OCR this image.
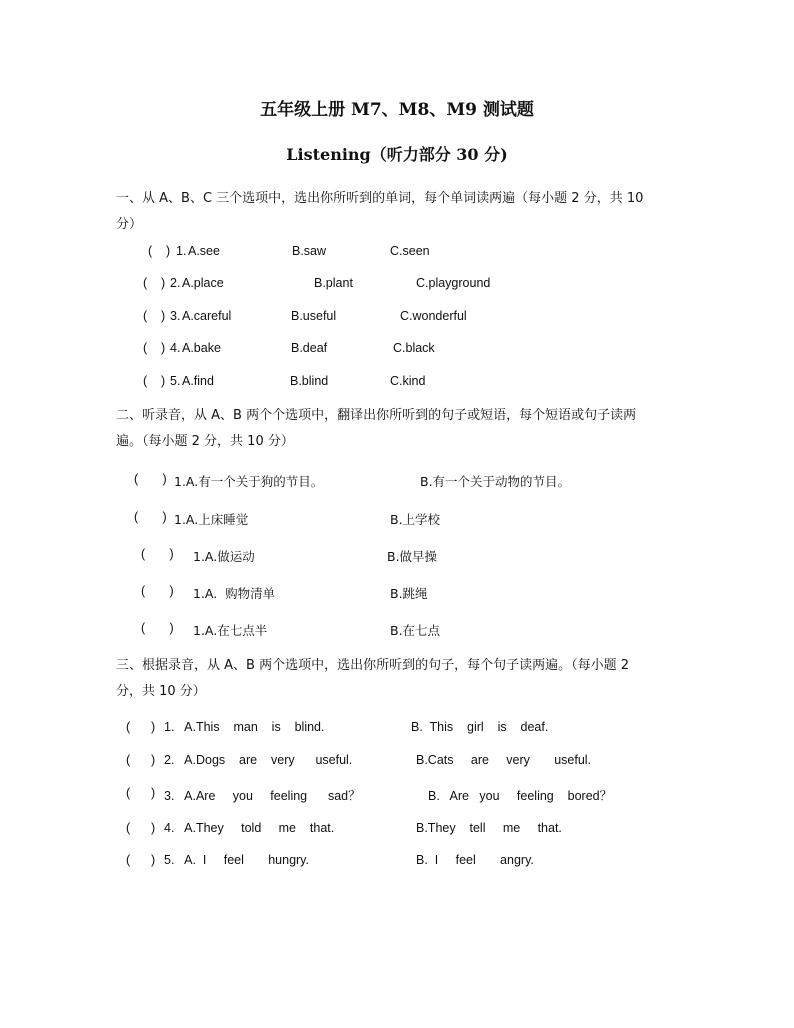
五年级上册 M7、M8、M9 测试题
Listening（听力部分 30 分)
一、从 A、B、C 三个选项中，选出你所听到的单词，每个单词读两遍（每小题 2 分，共 10
分）
(    ) 1. A.see	B.saw	C.seen
(    ) 2. A.place	B.plant	C.playground
(    ) 3. A.careful	B.useful	C.wonderful
(    ) 4. A.bake	B.deaf	C.black
(    ) 5. A.find	B.blind	C.kind
二、听录音，从 A、B 两个个选项中，翻译出你所听到的句子或短语，每个短语或句子读两
遍。（每小题 2 分，共 10 分）
(       ) 1.A.有一个关于狗的节目。	B.有一个关于动物的节目。
(       ) 1.A.上床睡觉	B.上学校
(       ) 1.A.做运动	B.做早操
(       ) 1.A.  购物清单	B.跳绳
(       ) 1.A.在七点半	B.在七点
三、根据录音，从 A、B 两个选项中，选出你所听到的句子，每个句子读两遍。（每小题 2
分，共 10 分）
(      ) 1.   A.This    man    is    blind.	B.  This    girl    is    deaf.
(      ) 2.   A.Dogs    are    very      useful.	B.Cats     are     very       useful.
(      ) 3.   A.Are     you     feeling      sad？	B.   Are   you     feeling    bored？
(      ) 4.   A.They     told     me    that.	B.They    tell     me     that.
(      ) 5.   A.  I     feel       hungry.	B.  I     feel       angry.
